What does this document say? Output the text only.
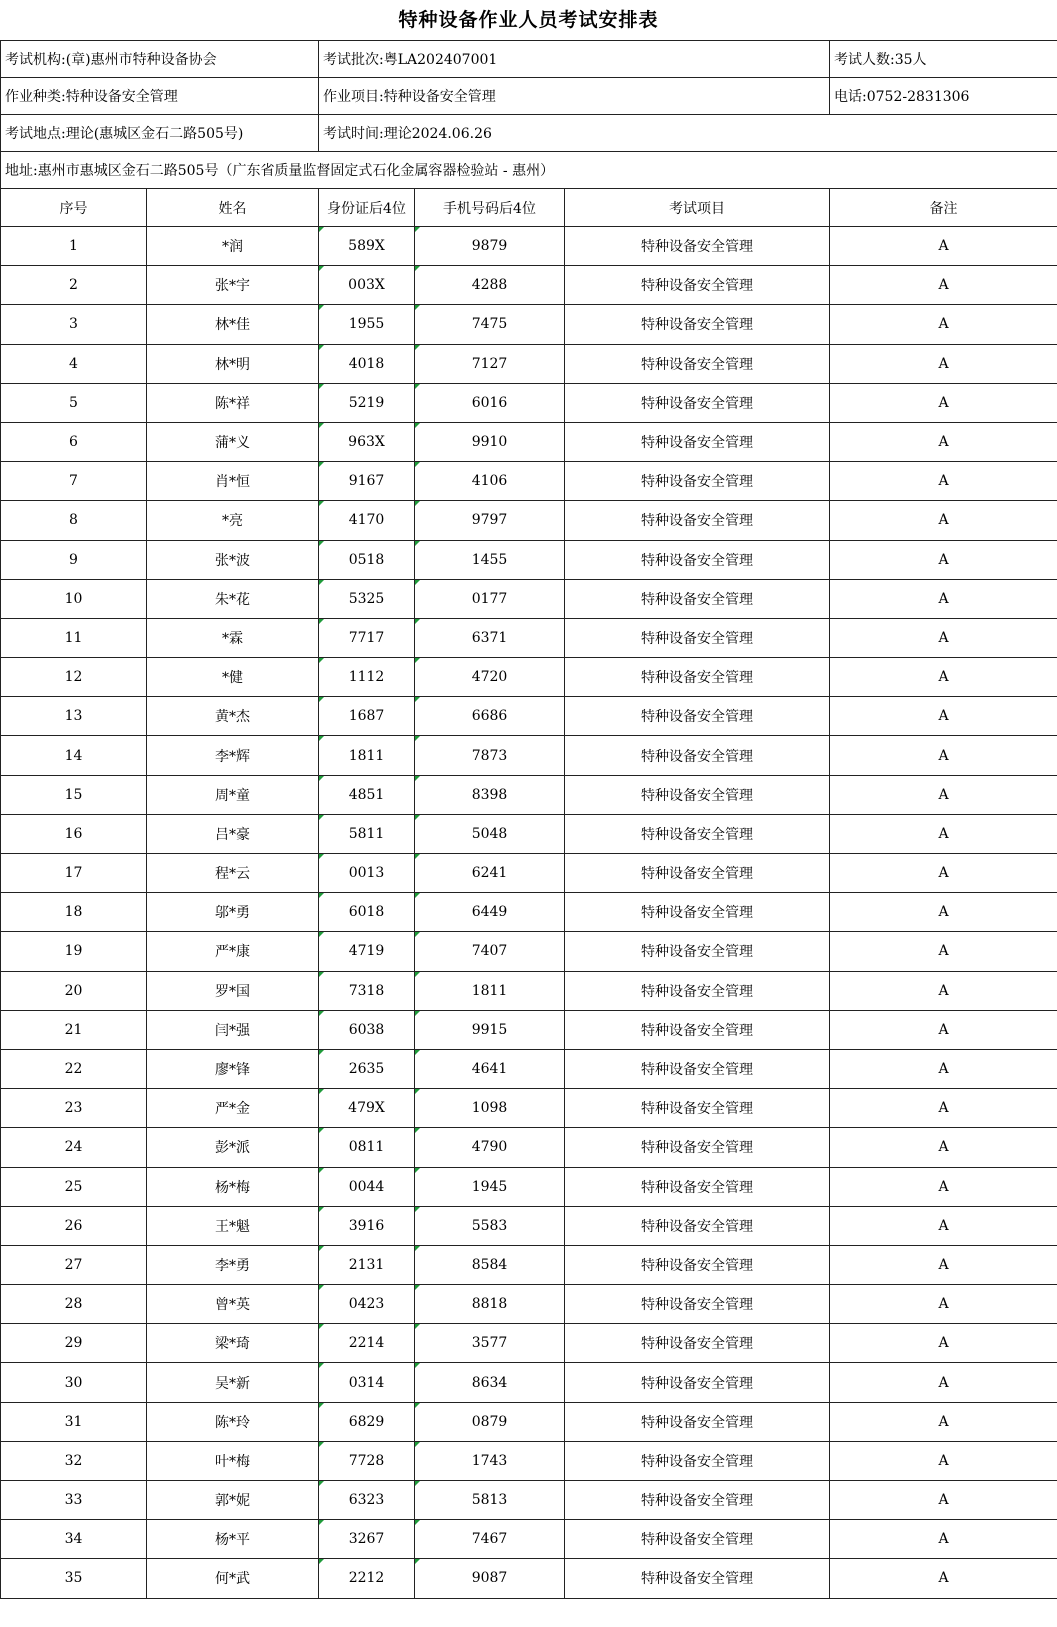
特种设备作业人员考试安排表
考试机构:(章)惠州市特种设备协会		考试批次:粤LA202407001			考试人数:35人
作业种类:特种设备安全管理		作业项目:特种设备安全管理			电话:0752-2831306
考试地点:理论(惠城区金石二路505号)		考试时间:理论2024.06.26			
地址:惠州市惠城区金石二路505号（广东省质量监督固定式石化金属容器检验站 - 惠州）					
序号	姓名	身份证后4位	手机号码后4位	考试项目	备注
1	*润	589X	9879	特种设备安全管理	A
2	张*宇	003X	4288	特种设备安全管理	A
3	林*佳	1955	7475	特种设备安全管理	A
4	林*明	4018	7127	特种设备安全管理	A
5	陈*祥	5219	6016	特种设备安全管理	A
6	蒲*义	963X	9910	特种设备安全管理	A
7	肖*恒	9167	4106	特种设备安全管理	A
8	*亮	4170	9797	特种设备安全管理	A
9	张*波	0518	1455	特种设备安全管理	A
10	朱*花	5325	0177	特种设备安全管理	A
11	*霖	7717	6371	特种设备安全管理	A
12	*健	1112	4720	特种设备安全管理	A
13	黄*杰	1687	6686	特种设备安全管理	A
14	李*辉	1811	7873	特种设备安全管理	A
15	周*童	4851	8398	特种设备安全管理	A
16	吕*豪	5811	5048	特种设备安全管理	A
17	程*云	0013	6241	特种设备安全管理	A
18	邬*勇	6018	6449	特种设备安全管理	A
19	严*康	4719	7407	特种设备安全管理	A
20	罗*国	7318	1811	特种设备安全管理	A
21	闫*强	6038	9915	特种设备安全管理	A
22	廖*锋	2635	4641	特种设备安全管理	A
23	严*金	479X	1098	特种设备安全管理	A
24	彭*派	0811	4790	特种设备安全管理	A
25	杨*梅	0044	1945	特种设备安全管理	A
26	王*魁	3916	5583	特种设备安全管理	A
27	李*勇	2131	8584	特种设备安全管理	A
28	曾*英	0423	8818	特种设备安全管理	A
29	梁*琦	2214	3577	特种设备安全管理	A
30	吴*新	0314	8634	特种设备安全管理	A
31	陈*玲	6829	0879	特种设备安全管理	A
32	叶*梅	7728	1743	特种设备安全管理	A
33	郭*妮	6323	5813	特种设备安全管理	A
34	杨*平	3267	7467	特种设备安全管理	A
35	何*武	2212	9087	特种设备安全管理	A
